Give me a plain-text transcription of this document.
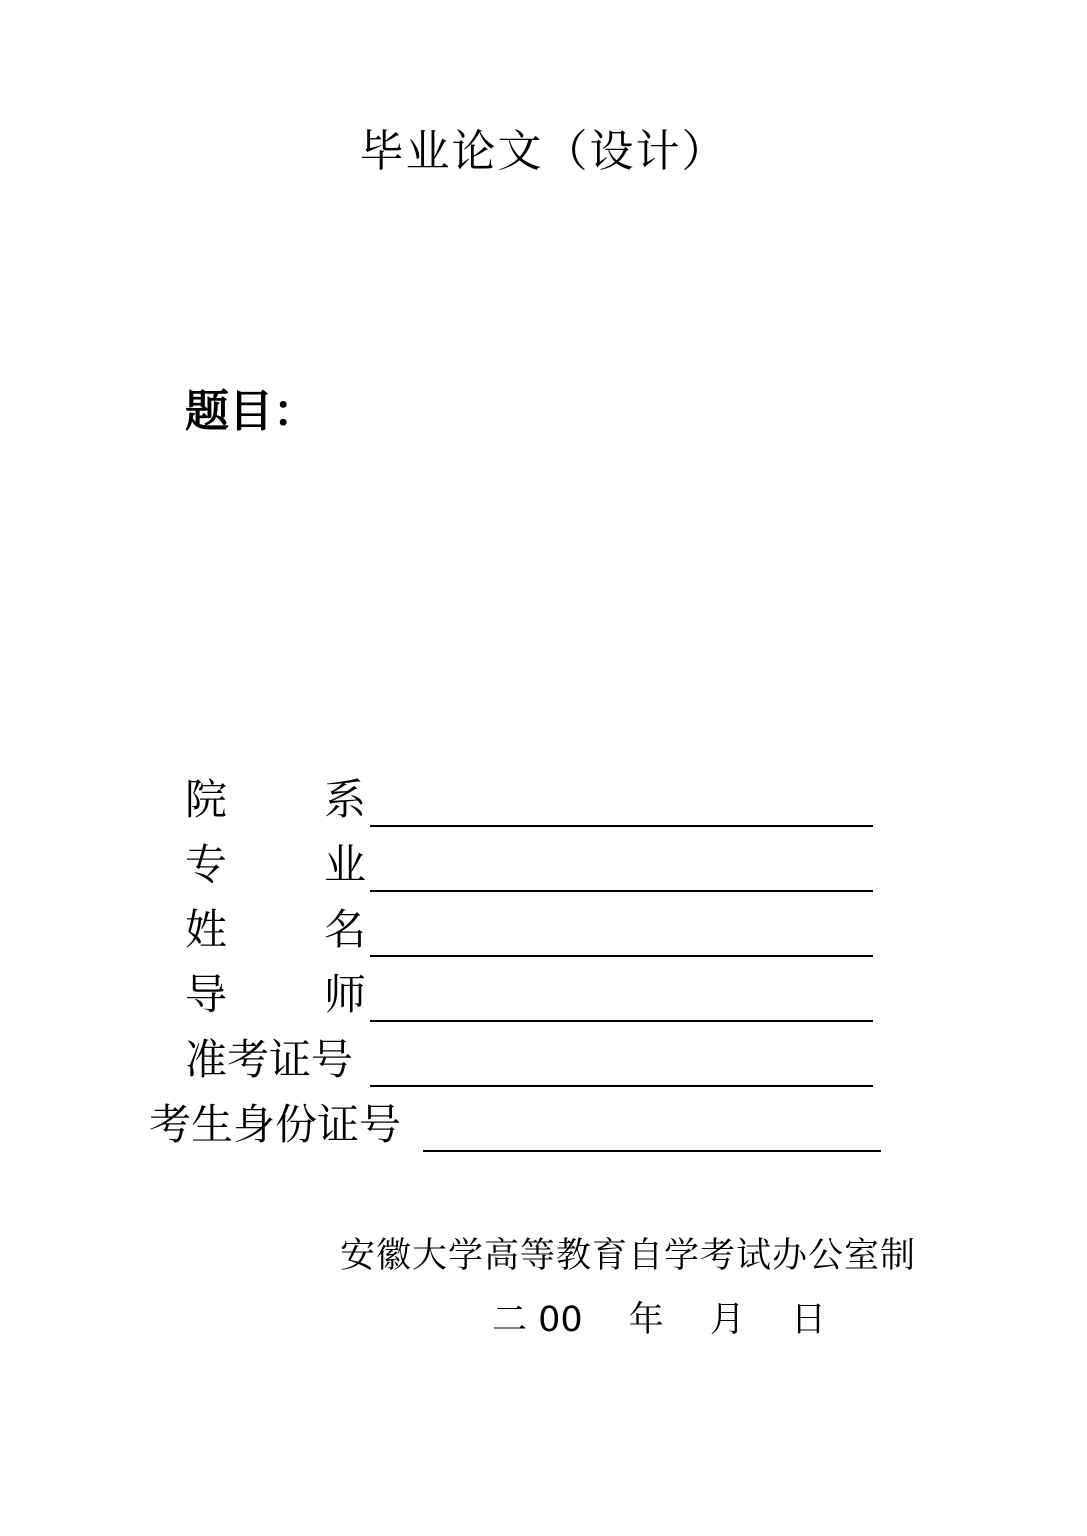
毕业论文（设计）
题目：
院 系
专 业
姓 名
导 师
准考证号
考生身份证号
安徽大学高等教育自学考试办公室制
二 00　 年　 月　 日
